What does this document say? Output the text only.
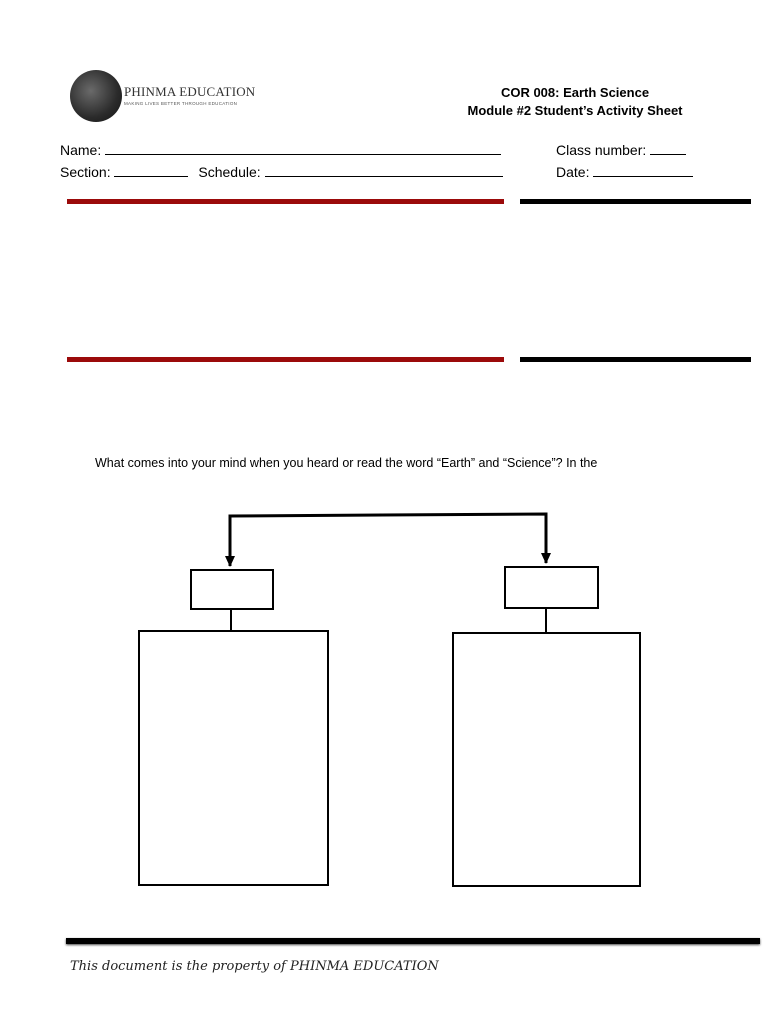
PHINMA EDUCATION
MAKING LIVES BETTER THROUGH EDUCATION
COR 008: Earth Science
Module #2 Student’s Activity Sheet
Name:
Section:	Schedule:
Class number:
Date:
What comes into your mind when you heard or read the word “Earth” and “Science”? In the
This document is the property of PHINMA EDUCATION
